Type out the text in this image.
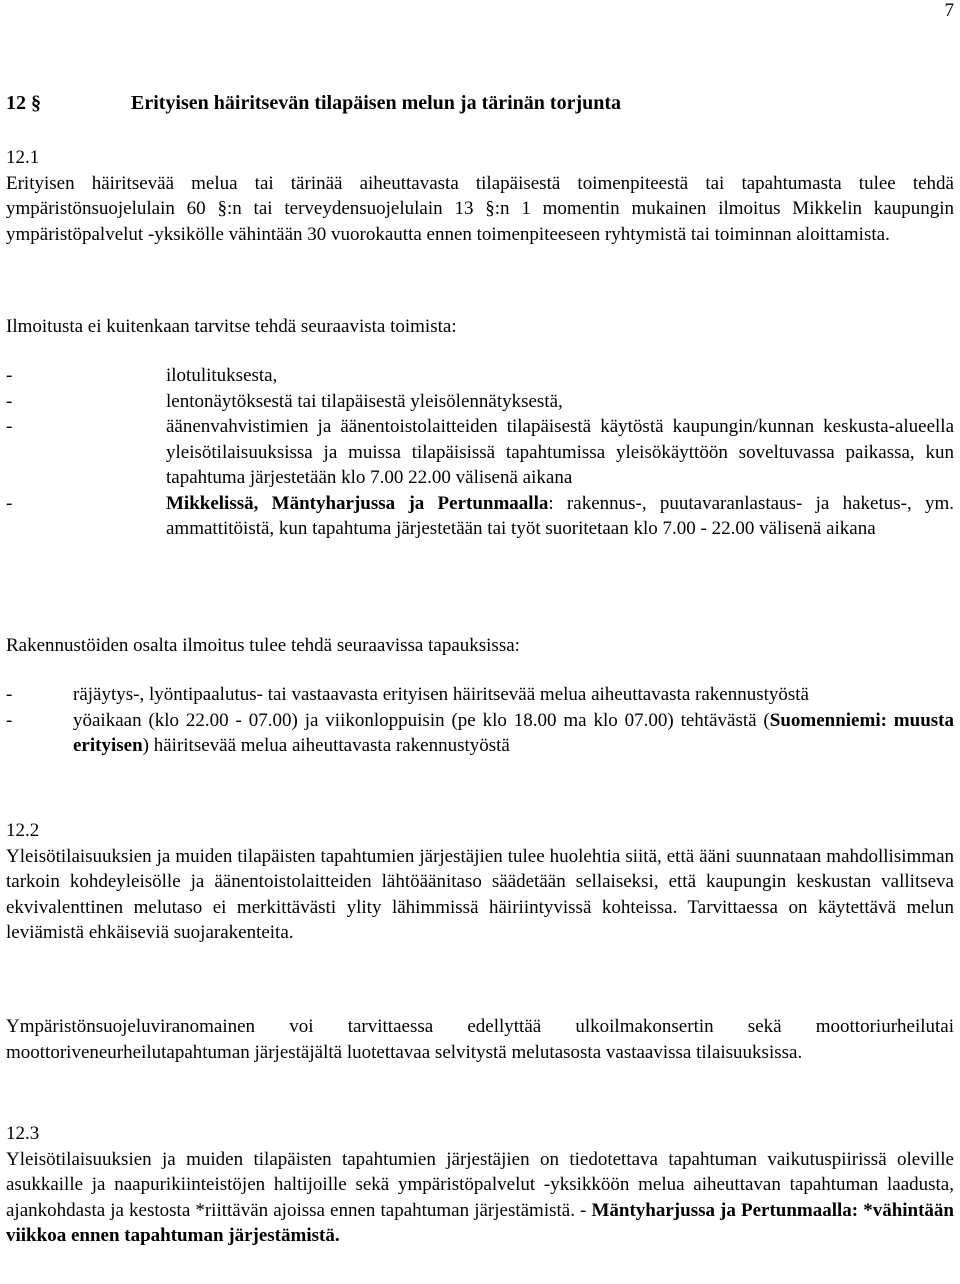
7
12 §	Erityisen häiritsevän tilapäisen melun ja tärinän torjunta
12.1
Erityisen häiritsevää melua tai tärinää aiheuttavasta tilapäisestä toimenpiteestä tai tapahtumasta tulee tehdä ympäristönsuojelulain 60 §:n tai terveydensuojelulain 13 §:n 1 momentin mukainen ilmoitus Mikkelin kaupungin ympäristöpalvelut -yksikölle vähintään 30 vuorokautta ennen toimenpiteeseen ryhtymistä tai toiminnan aloittamista.
Ilmoitusta ei kuitenkaan tarvitse tehdä seuraavista toimista:
-	ilotulituksesta,
-	lentonäytöksestä tai tilapäisestä yleisölennätyksestä,
-	äänenvahvistimien ja äänentoistolaitteiden tilapäisestä käytöstä kaupungin/kunnan keskusta-alueella yleisötilaisuuksissa ja muissa tilapäisissä tapahtumissa yleisökäyttöön soveltuvassa paikassa, kun tapahtuma järjestetään klo 7.00 22.00 välisenä aikana
-	Mikkelissä, Mäntyharjussa ja Pertunmaalla: rakennus-, puutavaranlastaus- ja haketus-, ym. ammattitöistä, kun tapahtuma järjestetään tai työt suoritetaan klo 7.00 - 22.00 välisenä aikana
Rakennustöiden osalta ilmoitus tulee tehdä seuraavissa tapauksissa:
-	räjäytys-, lyöntipaalutus- tai vastaavasta erityisen häiritsevää melua aiheuttavasta rakennustyöstä
-	yöaikaan (klo 22.00 - 07.00) ja viikonloppuisin (pe klo 18.00 ma klo 07.00) tehtävästä (Suomenniemi: muusta erityisen) häiritsevää melua aiheuttavasta rakennustyöstä
12.2
Yleisötilaisuuksien ja muiden tilapäisten tapahtumien järjestäjien tulee huolehtia siitä, että ääni suunnataan mahdollisimman tarkoin kohdeyleisölle ja äänentoistolaitteiden lähtöäänitaso säädetään sellaiseksi, että kaupungin keskustan vallitseva ekvivalenttinen melutaso ei merkittävästi ylity lähimmissä häiriintyvissä kohteissa. Tarvittaessa on käytettävä melun leviämistä ehkäiseviä suojarakenteita.
Ympäristönsuojeluviranomainen voi tarvittaessa edellyttää ulkoilmakonsertin sekä moottoriurheilutai moottoriveneurheilutapahtuman järjestäjältä luotettavaa selvitystä melutasosta vastaavissa tilaisuuksissa.
12.3
Yleisötilaisuuksien ja muiden tilapäisten tapahtumien järjestäjien on tiedotettava tapahtuman vaikutuspiirissä oleville asukkaille ja naapurikiinteistöjen haltijoille sekä ympäristöpalvelut -yksikköön melua aiheuttavan tapahtuman laadusta, ajankohdasta ja kestosta *riittävän ajoissa ennen tapahtuman järjestämistä. - Mäntyharjussa ja Pertunmaalla: *vähintään viikkoa ennen tapahtuman järjestämistä.
